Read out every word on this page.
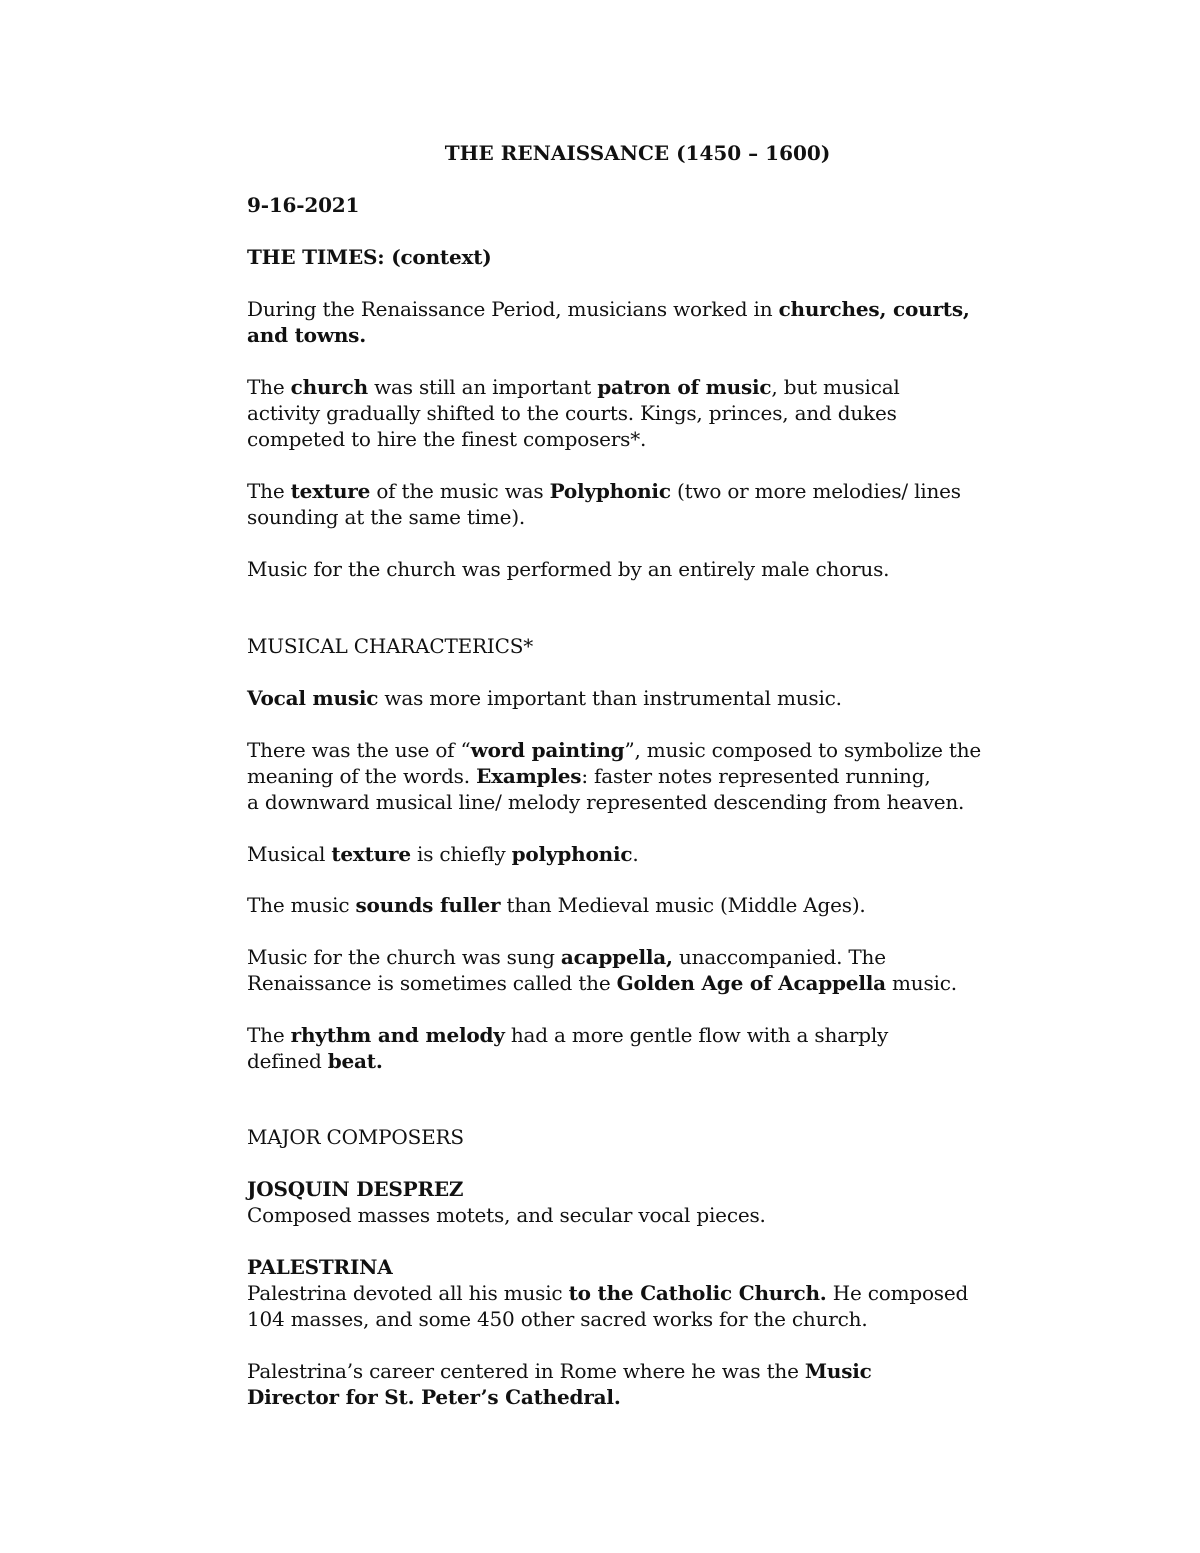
THE RENAISSANCE (1450 – 1600)
9-16-2021
THE TIMES: (context)
During the Renaissance Period, musicians worked in churches, courts,
and towns.
The church was still an important patron of music, but musical
activity gradually shifted to the courts. Kings, princes, and dukes
competed to hire the finest composers*.
The texture of the music was Polyphonic (two or more melodies/ lines
sounding at the same time).
Music for the church was performed by an entirely male chorus.
MUSICAL CHARACTERICS*
Vocal music was more important than instrumental music.
There was the use of “word painting”, music composed to symbolize the
meaning of the words. Examples: faster notes represented running,
a downward musical line/ melody represented descending from heaven.
Musical texture is chiefly polyphonic.
The music sounds fuller than Medieval music (Middle Ages).
Music for the church was sung acappella, unaccompanied. The
Renaissance is sometimes called the Golden Age of Acappella music.
The rhythm and melody had a more gentle flow with a sharply
defined beat.
MAJOR COMPOSERS
JOSQUIN DESPREZ
Composed masses motets, and secular vocal pieces.
PALESTRINA
Palestrina devoted all his music to the Catholic Church. He composed
104 masses, and some 450 other sacred works for the church.
Palestrina’s career centered in Rome where he was the Music
Director for St. Peter’s Cathedral.
